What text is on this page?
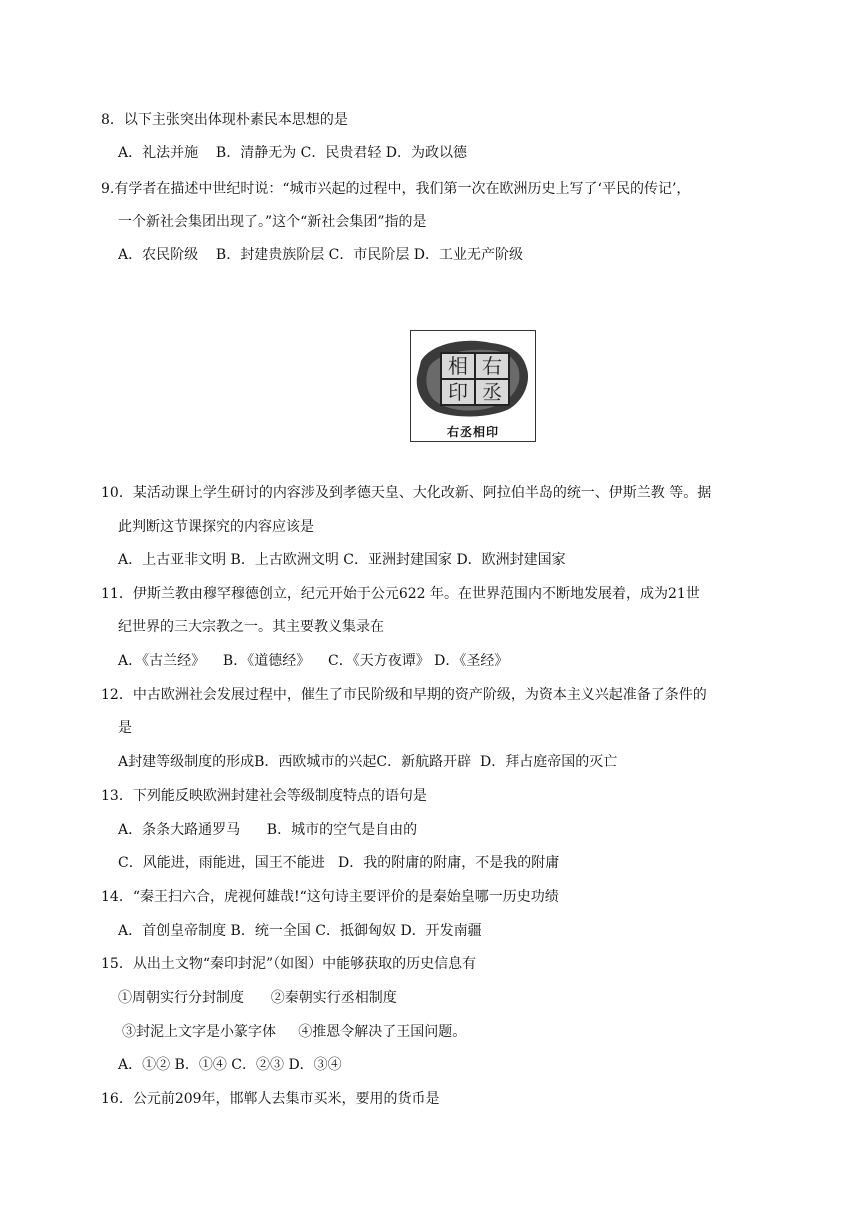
8．以下主张突出体现朴素民本思想的是
A．礼法并施    B．清静无为 C．民贵君轻 D．为政以德
9.有学者在描述中世纪时说：“城市兴起的过程中，我们第一次在欧洲历史上写了‘平民的传记’，
一个新社会集团出现了。”这个“新社会集团”指的是
A．农民阶级    B．封建贵族阶层 C．市民阶层 D．工业无产阶级
右
丞
相
印
右丞相印
10．某活动课上学生研讨的内容涉及到孝德天皇、大化改新、阿拉伯半岛的统一、伊斯兰教 等。据
此判断这节课探究的内容应该是
A．上古亚非文明 B．上古欧洲文明 C．亚洲封建国家 D．欧洲封建国家
11．伊斯兰教由穆罕穆德创立，纪元开始于公元622 年。在世界范围内不断地发展着，成为21世
纪世界的三大宗教之一。其主要教义集录在
A．《古兰经》    B．《道德经》    C．《天方夜谭》 D．《圣经》
12．中古欧洲社会发展过程中，催生了市民阶级和早期的资产阶级，为资本主义兴起准备了条件的
是
A封建等级制度的形成B．西欧城市的兴起C．新航路开辟  D．拜占庭帝国的灭亡
13．下列能反映欧洲封建社会等级制度特点的语句是
A．条条大路通罗马      B．城市的空气是自由的
C．风能进，雨能进，国王不能进   D．我的附庸的附庸，不是我的附庸
14．“秦王扫六合，虎视何雄哉!“这句诗主要评价的是秦始皇哪一历史功绩
A．首创皇帝制度 B．统一全国 C．抵御匈奴 D．开发南疆
15．从出土文物“秦印封泥”（如图）中能够获取的历史信息有
①周朝实行分封制度      ②秦朝实行丞相制度
③封泥上文字是小篆字体     ④推恩令解决了王国问题。
A．①② B．①④ C．②③ D．③④
16．公元前209年，邯郸人去集市买米，要用的货币是
